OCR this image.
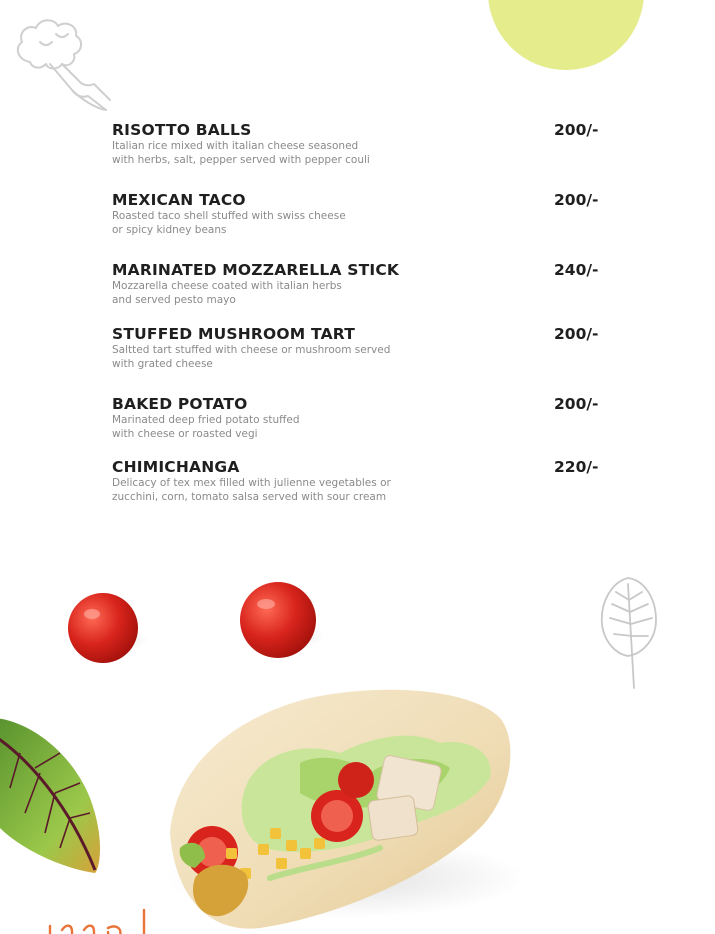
RISOTTO BALLS
Italian rice mixed with italian cheese seasoned
with herbs, salt, pepper served with pepper couli
200/-
MEXICAN TACO
Roasted taco shell stuffed with swiss cheese
or spicy kidney beans
200/-
MARINATED MOZZARELLA STICK
Mozzarella cheese coated with italian herbs
and served pesto mayo
240/-
STUFFED MUSHROOM TART
Saltted tart stuffed with cheese or mushroom served
with grated cheese
200/-
BAKED POTATO
Marinated deep fried potato stuffed
with cheese or roasted vegi
200/-
CHIMICHANGA
Delicacy of tex mex filled with julienne vegetables or
zucchini, corn, tomato salsa served with sour cream
220/-
